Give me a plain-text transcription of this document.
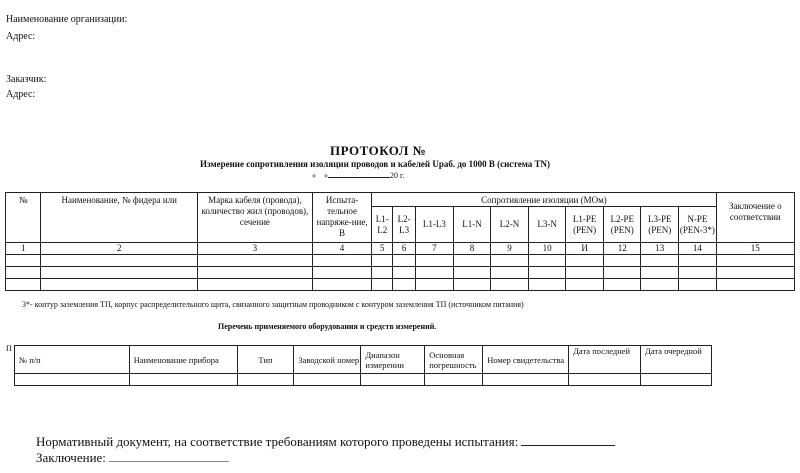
Наименование организации:
Адрес:
Заказчик:
Адрес:
ПРОТОКОЛ №
Измерение сопротивления изоляции проводов и кабелей Uраб. до 1000 В (система TN)
« »	20 г.
№	Наименование, № фидера или	Марка кабеля (провода), количество жил (проводов), сечение	Испыта-тельное напряже-ние, В	Сопротивление изоляции (МОм)										Заключение о соответствии
				L1-L2	L2-L3	L1-L3	L1-N	L2-N	L3-N	L1-PE (PEN)	L2-PE (PEN)	L3-PE (PEN)	N-PE (PEN-3*)	
1	2	3	4	5	6	7	8	9	10	И	12	13	14	15

3*- контур заземления ТП, корпус распределительного щита, связанного защитным проводником с контуром заземления ТП (источником питания)
Перечень применяемого оборудования и средств измерений.
П
№ п/п	Наименование прибора	Тип	Заводской номер	Диапазон измерении	Основная погрешность	Номер свидетельства	Дата последней	Дата очередной

Нормативный документ, на соответствие требованиям которого проведены испытания:
Заключение:
